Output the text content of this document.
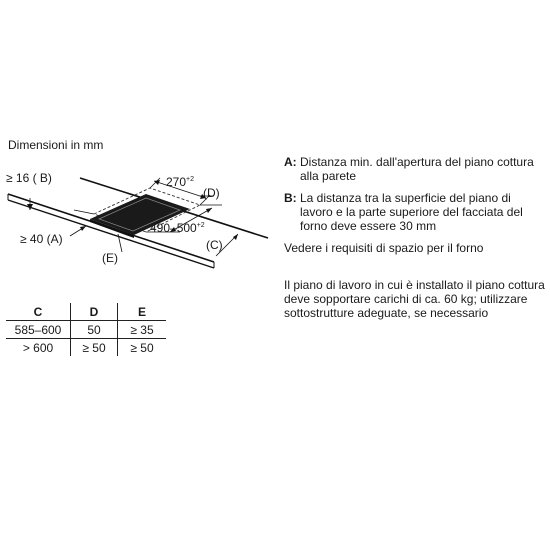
Dimensioni in mm
≥ 16 ( B)
≥ 40 (A)
(E)
(C)
(D)
$270^{+2}$
$490-500^{+2}$
A: Distanza min. dall'apertura del piano cottura alla parete
B: La distanza tra la superficie del piano di lavoro e la parte superiore del facciata del forno deve essere 30 mm
Vedere i requisiti di spazio per il forno
Il piano di lavoro in cui è installato il piano cottura deve sopportare carichi di ca. 60 kg; utilizzare sottostrutture adeguate, se necessario
C	D	E
585–600	50	≥ 35
> 600	≥ 50	≥ 50
